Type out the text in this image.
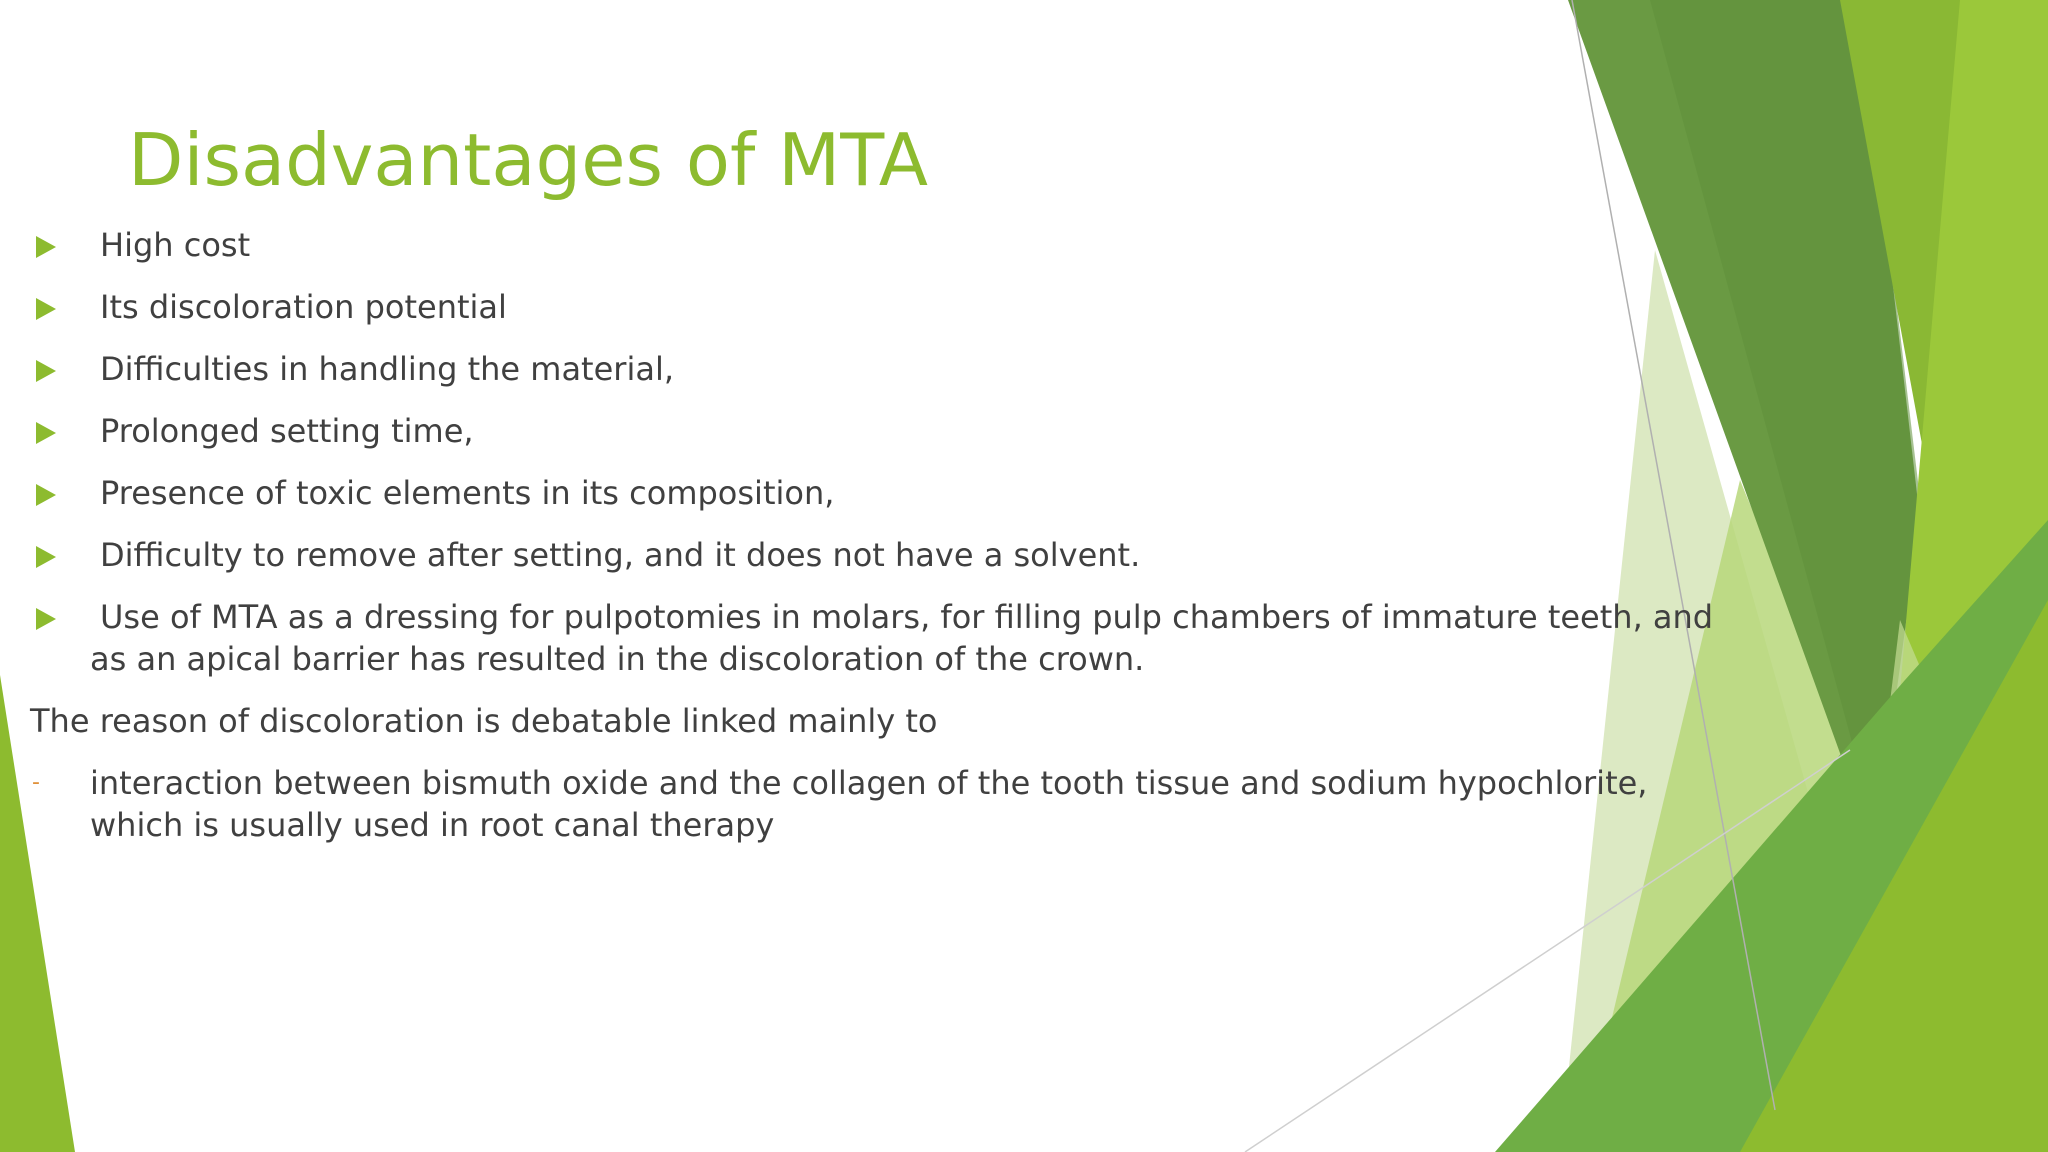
Disadvantages of MTA
High cost
Its discoloration potential
Difficulties in handling the material,
Prolonged setting time,
Presence of toxic elements in its composition,
Difficulty to remove after setting, and it does not have a solvent.
Use of MTA as a dressing for pulpotomies in molars, for filling pulp chambers of immature teeth, and as an apical barrier has resulted in the discoloration of the crown.

The reason of discoloration is debatable linked mainly to

- interaction between bismuth oxide and the collagen of the tooth tissue and sodium hypochlorite, which is usually used in root canal therapy
